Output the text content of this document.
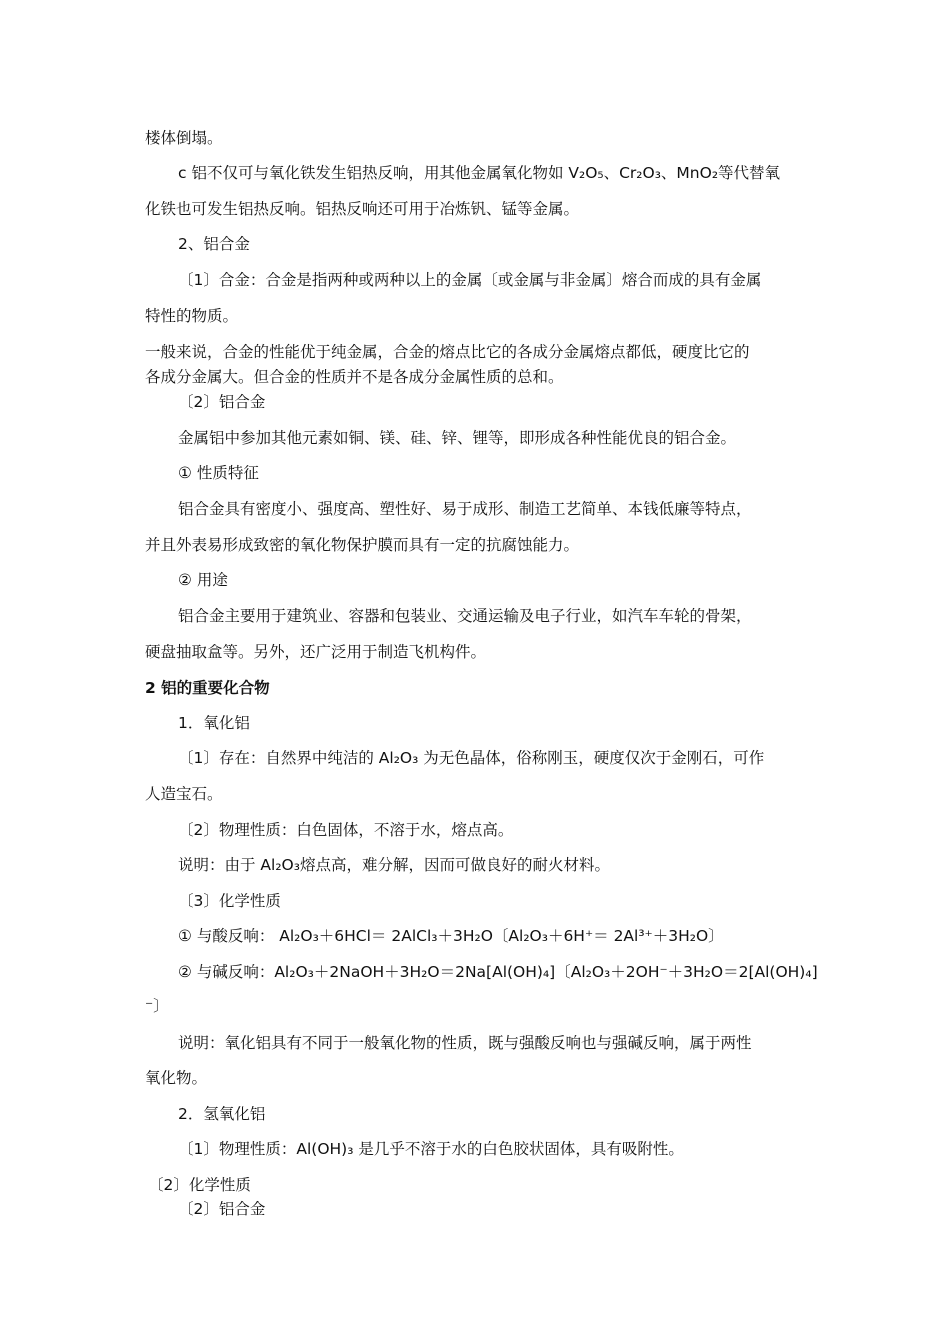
楼体倒塌。
c 铝不仅可与氧化铁发生铝热反响，用其他金属氧化物如 V₂O₅、Cr₂O₃、MnO₂等代替氧
化铁也可发生铝热反响。铝热反响还可用于冶炼钒、锰等金属。
2、铝合金
〔1〕合金：合金是指两种或两种以上的金属〔或金属与非金属〕熔合而成的具有金属
特性的物质。
一般来说，合金的性能优于纯金属，合金的熔点比它的各成分金属熔点都低，硬度比它的
各成分金属大。但合金的性质并不是各成分金属性质的总和。
〔2〕铝合金
金属铝中参加其他元素如铜、镁、硅、锌、锂等，即形成各种性能优良的铝合金。
① 性质特征
铝合金具有密度小、强度高、塑性好、易于成形、制造工艺简单、本钱低廉等特点，
并且外表易形成致密的氧化物保护膜而具有一定的抗腐蚀能力。
② 用途
铝合金主要用于建筑业、容器和包装业、交通运输及电子行业，如汽车车轮的骨架，
硬盘抽取盒等。另外，还广泛用于制造飞机构件。
2 铝的重要化合物
1．氧化铝
〔1〕存在：自然界中纯洁的 Al₂O₃ 为无色晶体，俗称刚玉，硬度仅次于金刚石，可作
人造宝石。
〔2〕物理性质：白色固体，不溶于水，熔点高。
说明：由于 Al₂O₃熔点高，难分解，因而可做良好的耐火材料。
〔3〕化学性质
① 与酸反响： Al₂O₃＋6HCl＝ 2AlCl₃＋3H₂O〔Al₂O₃＋6H⁺＝ 2Al³⁺＋3H₂O〕
② 与碱反响：Al₂O₃＋2NaOH＋3H₂O＝2Na[Al(OH)₄]〔Al₂O₃＋2OH⁻＋3H₂O＝2[Al(OH)₄]
⁻〕
说明：氧化铝具有不同于一般氧化物的性质，既与强酸反响也与强碱反响，属于两性
氧化物。
2．氢氧化铝
〔1〕物理性质：Al(OH)₃ 是几乎不溶于水的白色胶状固体，具有吸附性。
〔2〕化学性质
〔2〕铝合金
